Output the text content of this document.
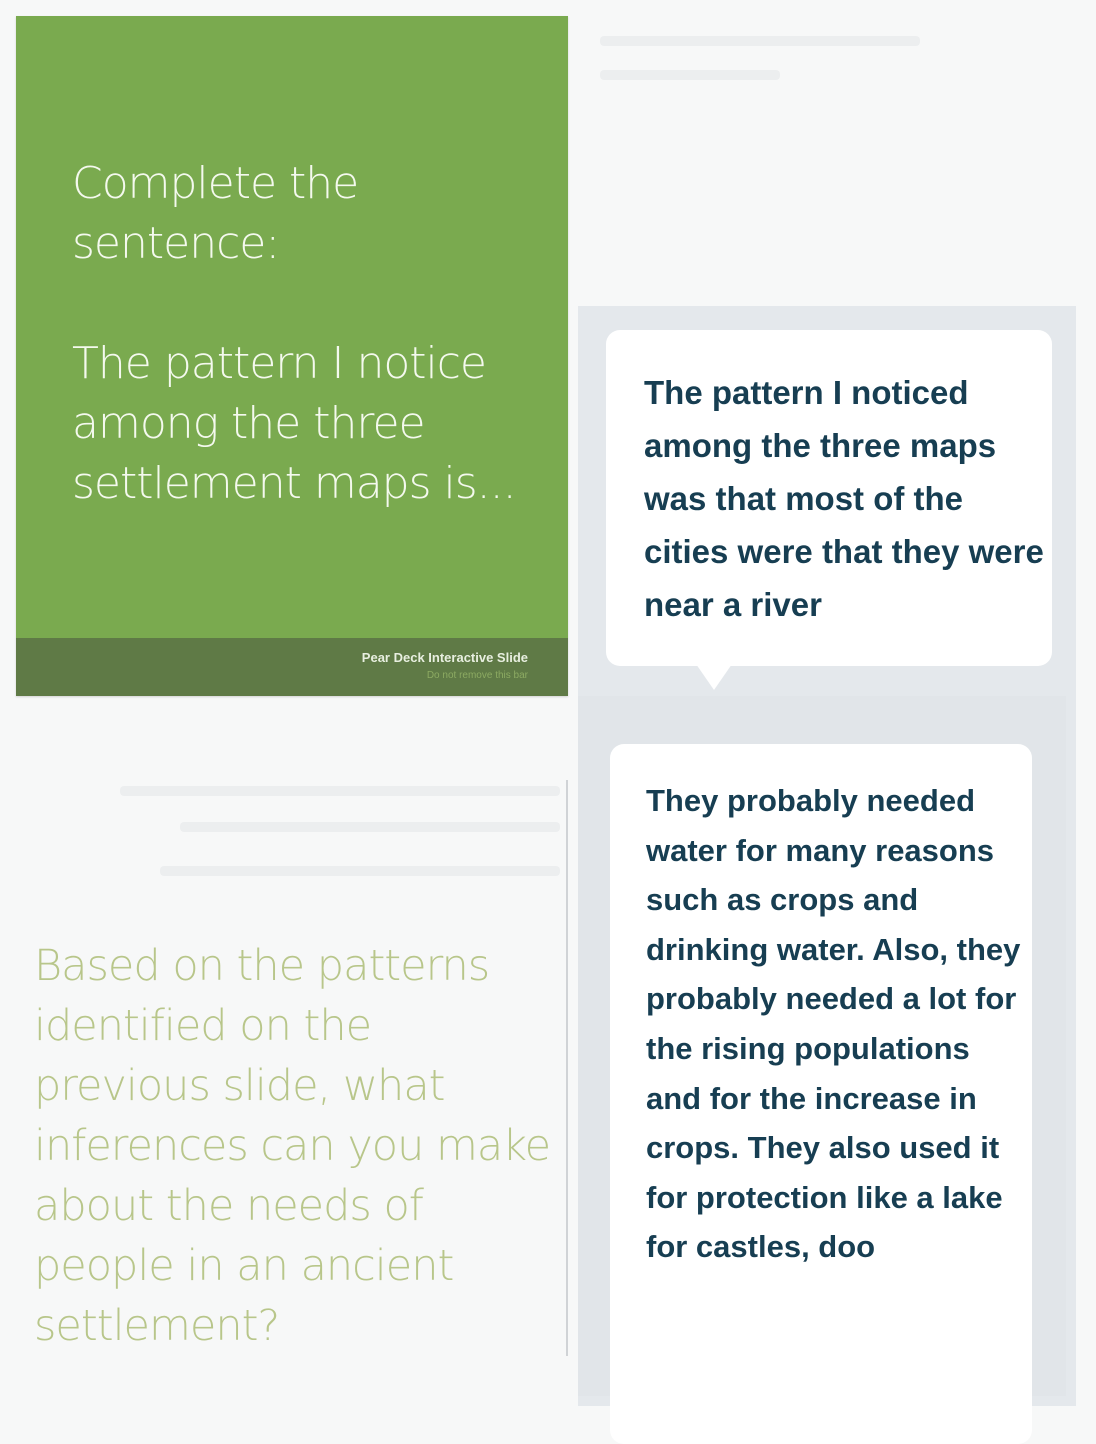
Complete the sentence:

The pattern I notice among the three settlement maps is...

Pear Deck Interactive Slide
Do not remove this bar
Based on the patterns identified on the previous slide, what inferences can you make about the needs of people in an ancient settlement?
The pattern I noticed among the three maps was that most of the cities were that they were near a river
They probably needed water for many reasons such as crops and drinking water. Also, they probably needed a lot for the rising populations and for the increase in crops. They also used it for protection like a lake for castles, doo
